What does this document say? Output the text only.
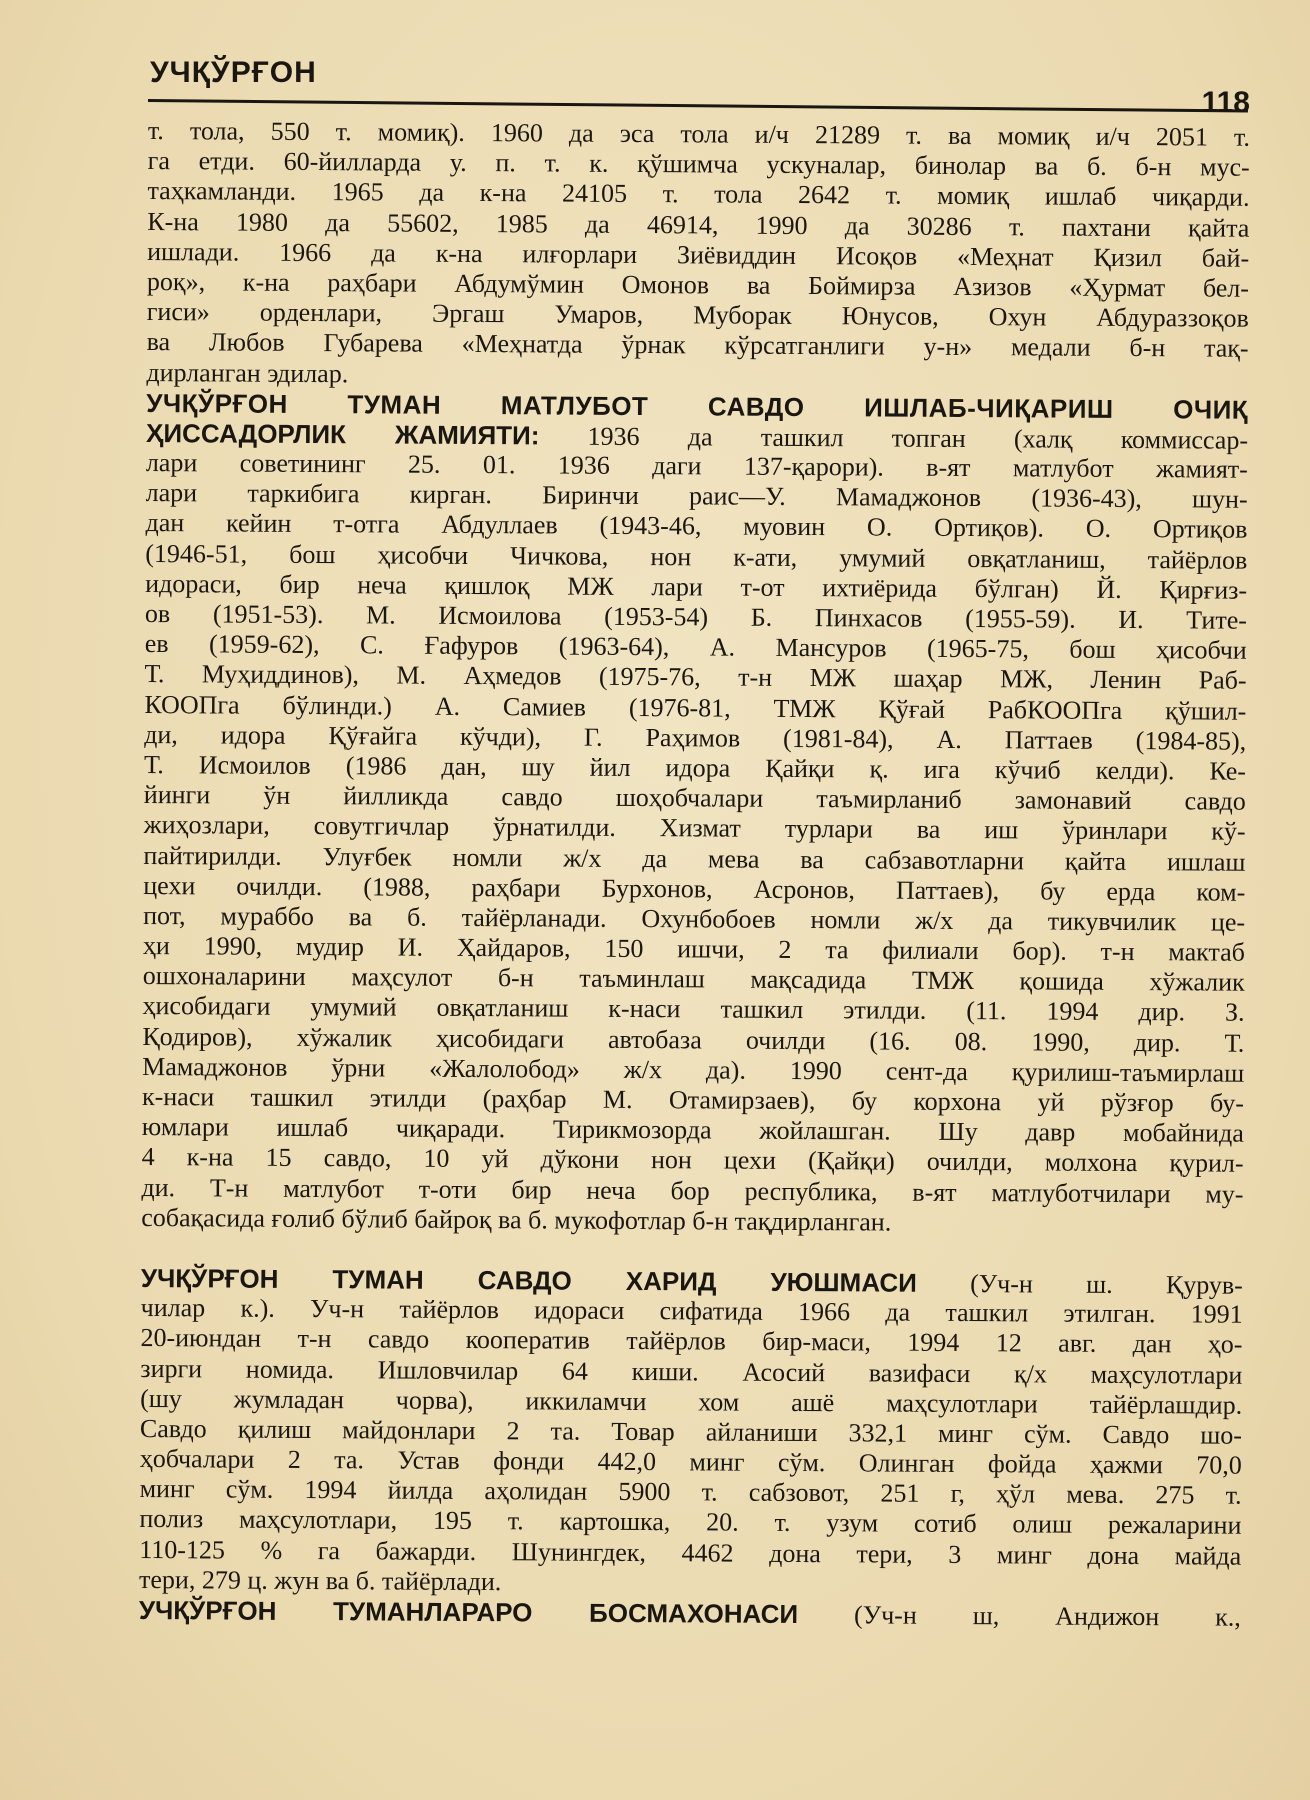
УЧҚЎРҒОН
118
т. тола, 550 т. момиқ). 1960 да эса тола и/ч 21289 т. ва момиқ и/ч 2051 т.
га етди. 60-йилларда у. п. т. к. қўшимча ускуналар, бинолар ва б. б-н мус-
таҳкамланди. 1965 да к-на 24105 т. тола 2642 т. момиқ ишлаб чиқарди.
К-на 1980 да 55602, 1985 да 46914, 1990 да 30286 т. пахтани қайта
ишлади. 1966 да к-на илғорлари Зиёвиддин Исоқов «Меҳнат Қизил бай-
роқ», к-на раҳбари Абдумўмин Омонов ва Боймирза Азизов «Ҳурмат бел-
гиси» орденлари, Эргаш Умаров, Муборак Юнусов, Охун Абдураззоқов
ва Любов Губарева «Меҳнатда ўрнак кўрсатганлиги у-н» медали б-н тақ-
дирланган эдилар.
УЧҚЎРҒОН ТУМАН МАТЛУБОТ САВДО ИШЛАБ-ЧИҚАРИШ ОЧИҚ
ҲИССАДОРЛИК ЖАМИЯТИ: 1936 да ташкил топган (халқ коммиссар-
лари советининг 25. 01. 1936 даги 137-қарори). в-ят матлубот жамият-
лари таркибига кирган. Биринчи раис—У. Мамаджонов (1936-43), шун-
дан кейин т-отга Абдуллаев (1943-46, муовин О. Ортиқов). О. Ортиқов
(1946-51, бош ҳисобчи Чичкова, нон к-ати, умумий овқатланиш, тайёрлов
идораси, бир неча қишлоқ МЖ лари т-от ихтиёрида бўлган) Й. Қирғиз-
ов (1951-53). М. Исмоилова (1953-54) Б. Пинхасов (1955-59). И. Тите-
ев (1959-62), С. Ғафуров (1963-64), А. Мансуров (1965-75, бош ҳисобчи
Т. Муҳиддинов), М. Аҳмедов (1975-76, т-н МЖ шаҳар МЖ, Ленин Раб-
КООПга бўлинди.) А. Самиев (1976-81, ТМЖ Қўғай РабКООПга қўшил-
ди, идора Қўғайга кўчди), Г. Раҳимов (1981-84), А. Паттаев (1984-85),
Т. Исмоилов (1986 дан, шу йил идора Қайқи қ. ига кўчиб келди). Ке-
йинги ўн йилликда савдо шоҳобчалари таъмирланиб замонавий савдо
жиҳозлари, совутгичлар ўрнатилди. Хизмат турлари ва иш ўринлари кў-
пайтирилди. Улуғбек номли ж/х да мева ва сабзавотларни қайта ишлаш
цехи очилди. (1988, раҳбари Бурхонов, Асронов, Паттаев), бу ерда ком-
пот, мураббо ва б. тайёрланади. Охунбобоев номли ж/х да тикувчилик це-
ҳи 1990, мудир И. Ҳайдаров, 150 ишчи, 2 та филиали бор). т-н мактаб
ошхоналарини маҳсулот б-н таъминлаш мақсадида ТМЖ қошида хўжалик
ҳисобидаги умумий овқатланиш к-наси ташкил этилди. (11. 1994 дир. З.
Қодиров), хўжалик ҳисобидаги автобаза очилди (16. 08. 1990, дир. Т.
Мамаджонов ўрни «Жалолобод» ж/х да). 1990 сент-да қурилиш-таъмирлаш
к-наси ташкил этилди (раҳбар М. Отамирзаев), бу корхона уй рўзғор бу-
юмлари ишлаб чиқаради. Тирикмозорда жойлашган. Шу давр мобайнида
4 к-на 15 савдо, 10 уй дўкони нон цехи (Қайқи) очилди, молхона қурил-
ди. Т-н матлубот т-оти бир неча бор республика, в-ят матлуботчилари му-
собақасида ғолиб бўлиб байроқ ва б. мукофотлар б-н тақдирланган.
УЧҚЎРҒОН ТУМАН САВДО ХАРИД УЮШМАСИ (Уч-н ш. Қурув-
чилар к.). Уч-н тайёрлов идораси сифатида 1966 да ташкил этилган. 1991
20-июндан т-н савдо кооператив тайёрлов бир-маси, 1994 12 авг. дан ҳо-
зирги номида. Ишловчилар 64 киши. Асосий вазифаси қ/х маҳсулотлари
(шу жумладан чорва), иккиламчи хом ашё маҳсулотлари тайёрлашдир.
Савдо қилиш майдонлари 2 та. Товар айланиши 332,1 минг сўм. Савдо шо-
ҳобчалари 2 та. Устав фонди 442,0 минг сўм. Олинган фойда ҳажми 70,0
минг сўм. 1994 йилда аҳолидан 5900 т. сабзовот, 251 г, ҳўл мева. 275 т.
полиз маҳсулотлари, 195 т. картошка, 20. т. узум сотиб олиш режаларини
110-125 % га бажарди. Шунингдек, 4462 дона тери, 3 минг дона майда
тери, 279 ц. жун ва б. тайёрлади.
УЧҚЎРҒОН ТУМАНЛАРАРО БОСМАХОНАСИ (Уч-н ш, Андижон к.,
